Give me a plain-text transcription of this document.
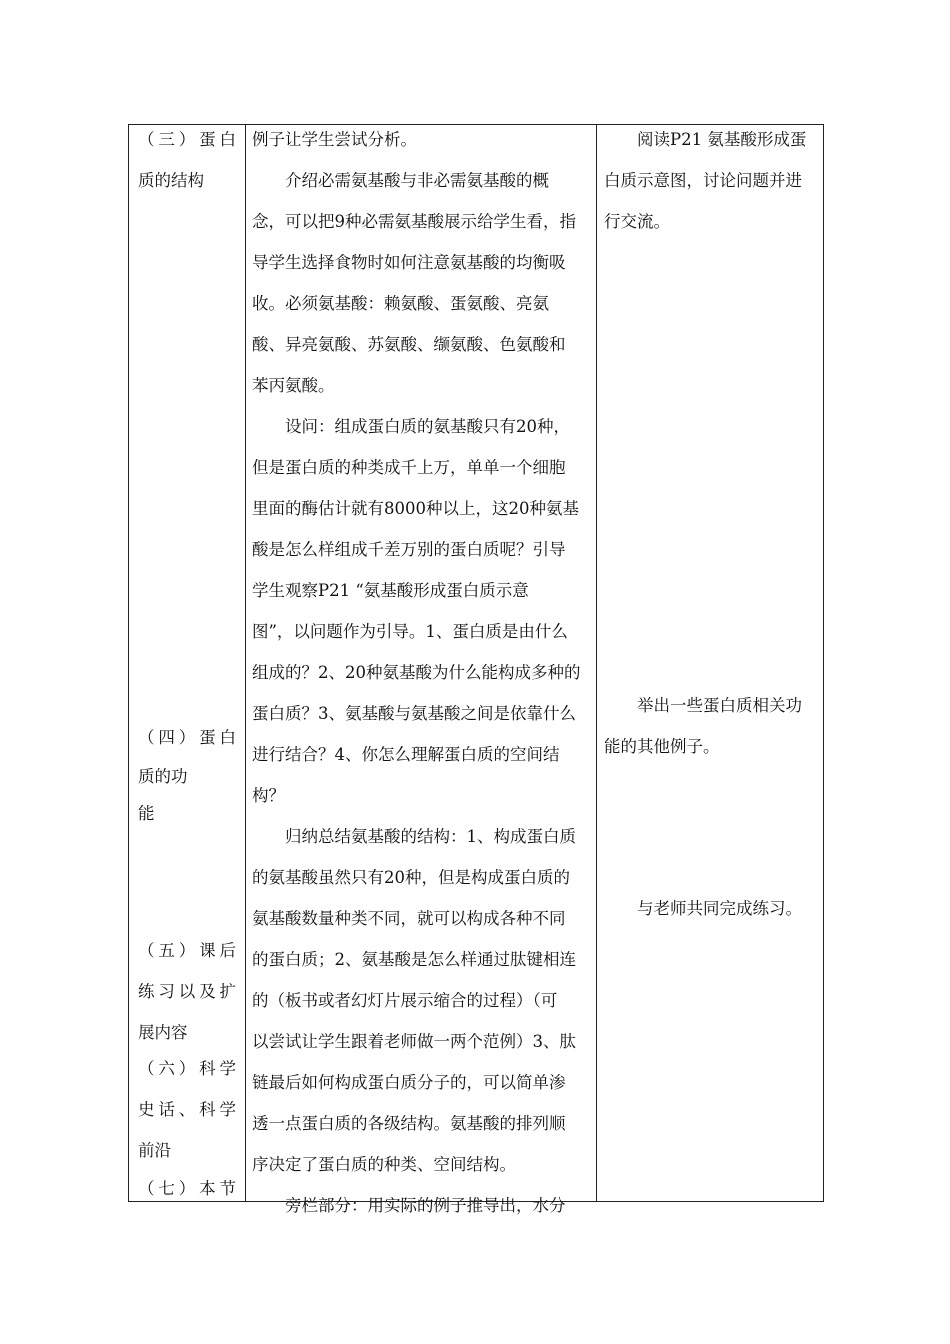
（三）蛋白
质的结构
（四）蛋白
质的功
能
（五）课后
练习以及扩
展内容
（六）科学
史话、科学
前沿
（七）本节
例子让学生尝试分析。
介绍必需氨基酸与非必需氨基酸的概
念，可以把9种必需氨基酸展示给学生看，指
导学生选择食物时如何注意氨基酸的均衡吸
收。必须氨基酸：赖氨酸、蛋氨酸、亮氨
酸、异亮氨酸、苏氨酸、缬氨酸、色氨酸和
苯丙氨酸。
设问：组成蛋白质的氨基酸只有20种，
但是蛋白质的种类成千上万，单单一个细胞
里面的酶估计就有8000种以上，这20种氨基
酸是怎么样组成千差万别的蛋白质呢？引导
学生观察P21 “氨基酸形成蛋白质示意
图”，以问题作为引导。1、蛋白质是由什么
组成的？2、20种氨基酸为什么能构成多种的
蛋白质？3、氨基酸与氨基酸之间是依靠什么
进行结合？4、你怎么理解蛋白质的空间结
构？
归纳总结氨基酸的结构：1、构成蛋白质
的氨基酸虽然只有20种，但是构成蛋白质的
氨基酸数量种类不同，就可以构成各种不同
的蛋白质；2、氨基酸是怎么样通过肽键相连
的（板书或者幻灯片展示缩合的过程）（可
以尝试让学生跟着老师做一两个范例）3、肽
链最后如何构成蛋白质分子的，可以简单渗
透一点蛋白质的各级结构。氨基酸的排列顺
序决定了蛋白质的种类、空间结构。
旁栏部分：用实际的例子推导出，水分
阅读P21 氨基酸形成蛋
白质示意图，讨论问题并进
行交流。
举出一些蛋白质相关功
能的其他例子。
与老师共同完成练习。
